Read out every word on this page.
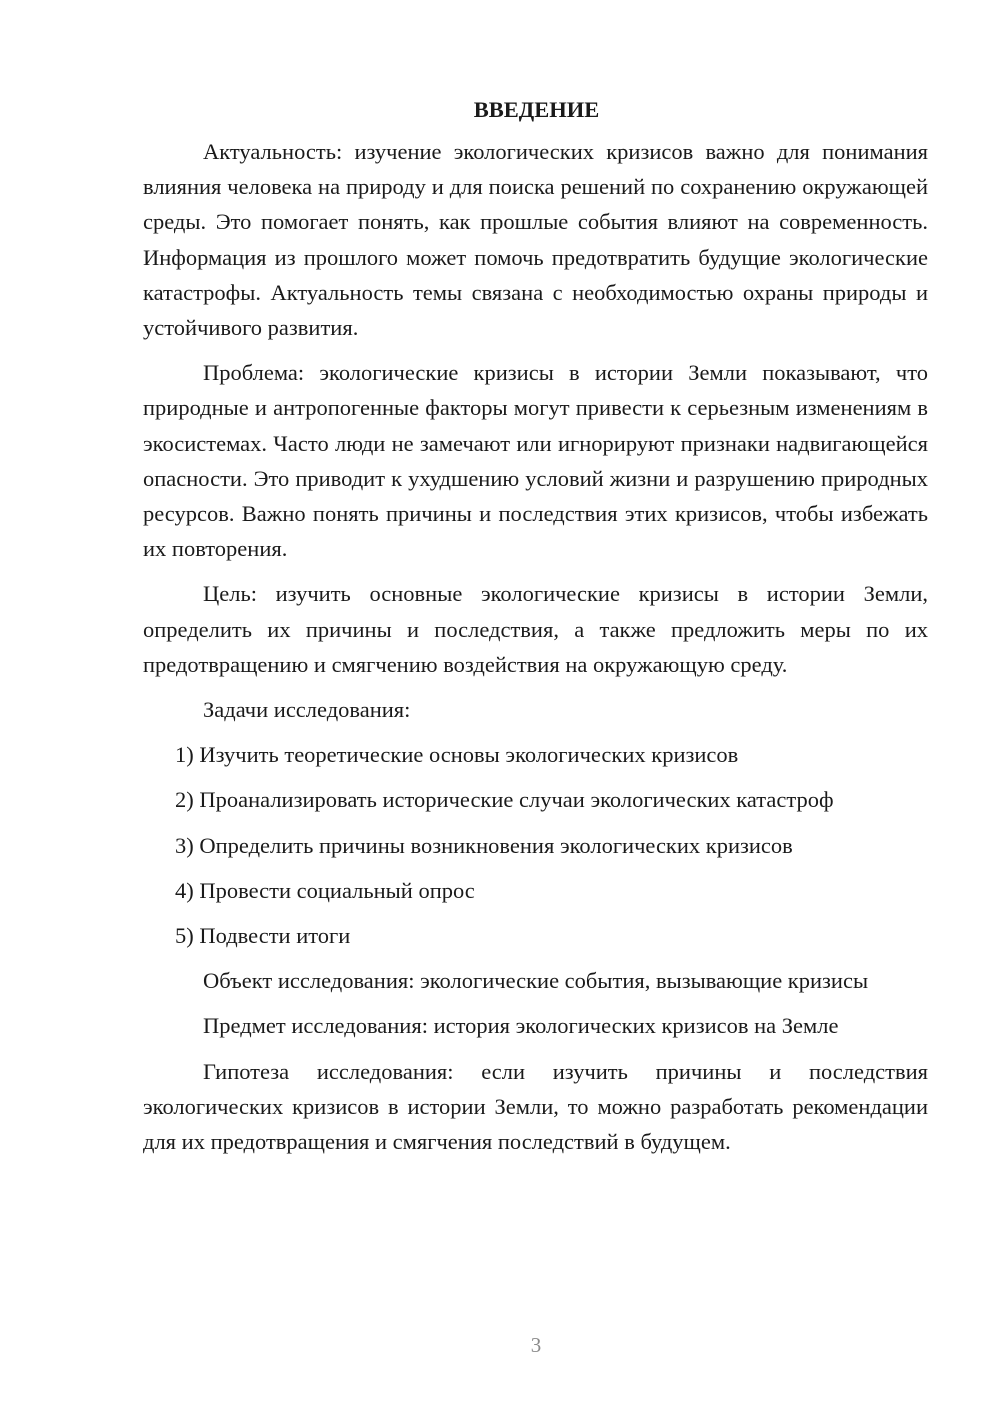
ВВЕДЕНИЕ

Актуальность: изучение экологических кризисов важно для понимания влияния человека на природу и для поиска решений по сохранению окружающей среды. Это помогает понять, как прошлые события влияют на современность. Информация из прошлого может помочь предотвратить будущие экологические катастрофы. Актуальность темы связана с необходимостью охраны природы и устойчивого развития.

Проблема: экологические кризисы в истории Земли показывают, что природные и антропогенные факторы могут привести к серьезным изменениям в экосистемах. Часто люди не замечают или игнорируют признаки надвигающейся опасности. Это приводит к ухудшению условий жизни и разрушению природных ресурсов. Важно понять причины и последствия этих кризисов, чтобы избежать их повторения.

Цель: изучить основные экологические кризисы в истории Земли, определить их причины и последствия, а также предложить меры по их предотвращению и смягчению воздействия на окружающую среду.

Задачи исследования:

1) Изучить теоретические основы экологических кризисов
2) Проанализировать исторические случаи экологических катастроф
3) Определить причины возникновения экологических кризисов
4) Провести социальный опрос
5) Подвести итоги

Объект исследования: экологические события, вызывающие кризисы

Предмет исследования: история экологических кризисов на Земле

Гипотеза исследования: если изучить причины и последствия экологических кризисов в истории Земли, то можно разработать рекомендации для их предотвращения и смягчения последствий в будущем.

3
